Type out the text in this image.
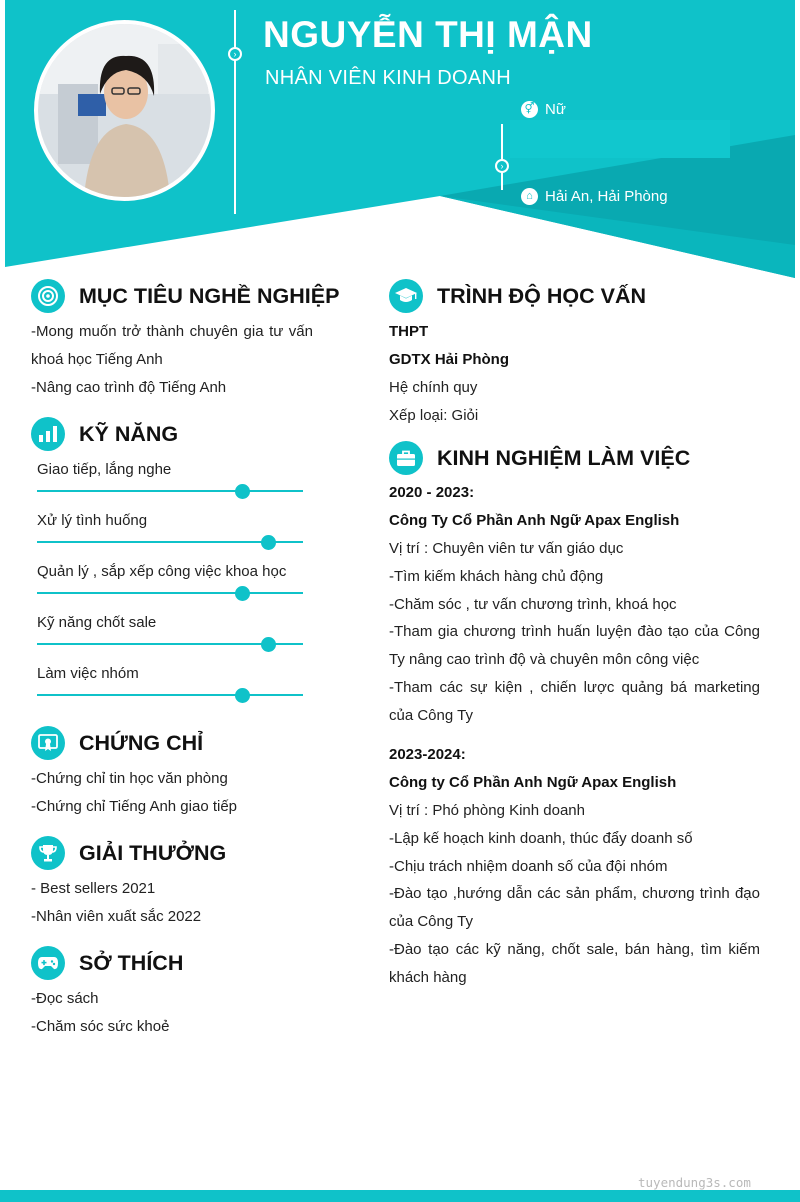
› NGUYỄN THỊ MẬN
NHÂN VIÊN KINH DOANH
›
⚥ Nữ
⌂ Hải An, Hải Phòng
MỤC TIÊU NGHỀ NGHIỆP
-Mong muốn trở thành chuyên gia tư vấn khoá học Tiếng Anh
-Nâng cao trình độ Tiếng Anh
KỸ NĂNG
Giao tiếp, lắng nghe
Xử lý tình huống
Quản lý , sắp xếp công việc khoa học
Kỹ năng chốt sale
Làm việc nhóm
CHỨNG CHỈ
-Chứng chỉ tin học văn phòng
-Chứng chỉ Tiếng Anh giao tiếp
GIẢI THƯỞNG
- Best sellers 2021
-Nhân viên xuất sắc 2022
SỞ THÍCH
-Đọc sách
-Chăm sóc sức khoẻ
TRÌNH ĐỘ HỌC VẤN
THPT
GDTX Hải Phòng
Hệ chính quy
Xếp loại: Giỏi
KINH NGHIỆM LÀM VIỆC
2020 - 2023:
Công Ty Cổ Phần Anh Ngữ Apax English
Vị trí : Chuyên viên tư vấn giáo dục
-Tìm kiếm khách hàng chủ động
-Chăm sóc , tư vấn chương trình, khoá học
-Tham gia chương trình huấn luyện đào tạo của Công Ty nâng cao trình độ và chuyên môn công việc
-Tham các sự kiện , chiến lược quảng bá marketing của Công Ty
2023-2024:
Công ty Cổ Phần Anh Ngữ Apax English
Vị trí : Phó phòng Kinh doanh
-Lập kế hoạch kinh doanh, thúc đẩy doanh số
-Chịu trách nhiệm doanh số của đội nhóm
-Đào tạo ,hướng dẫn các sản phẩm, chương trình đạo của Công Ty
-Đào tạo các kỹ năng, chốt sale, bán hàng, tìm kiếm khách hàng
tuyendung3s.com
